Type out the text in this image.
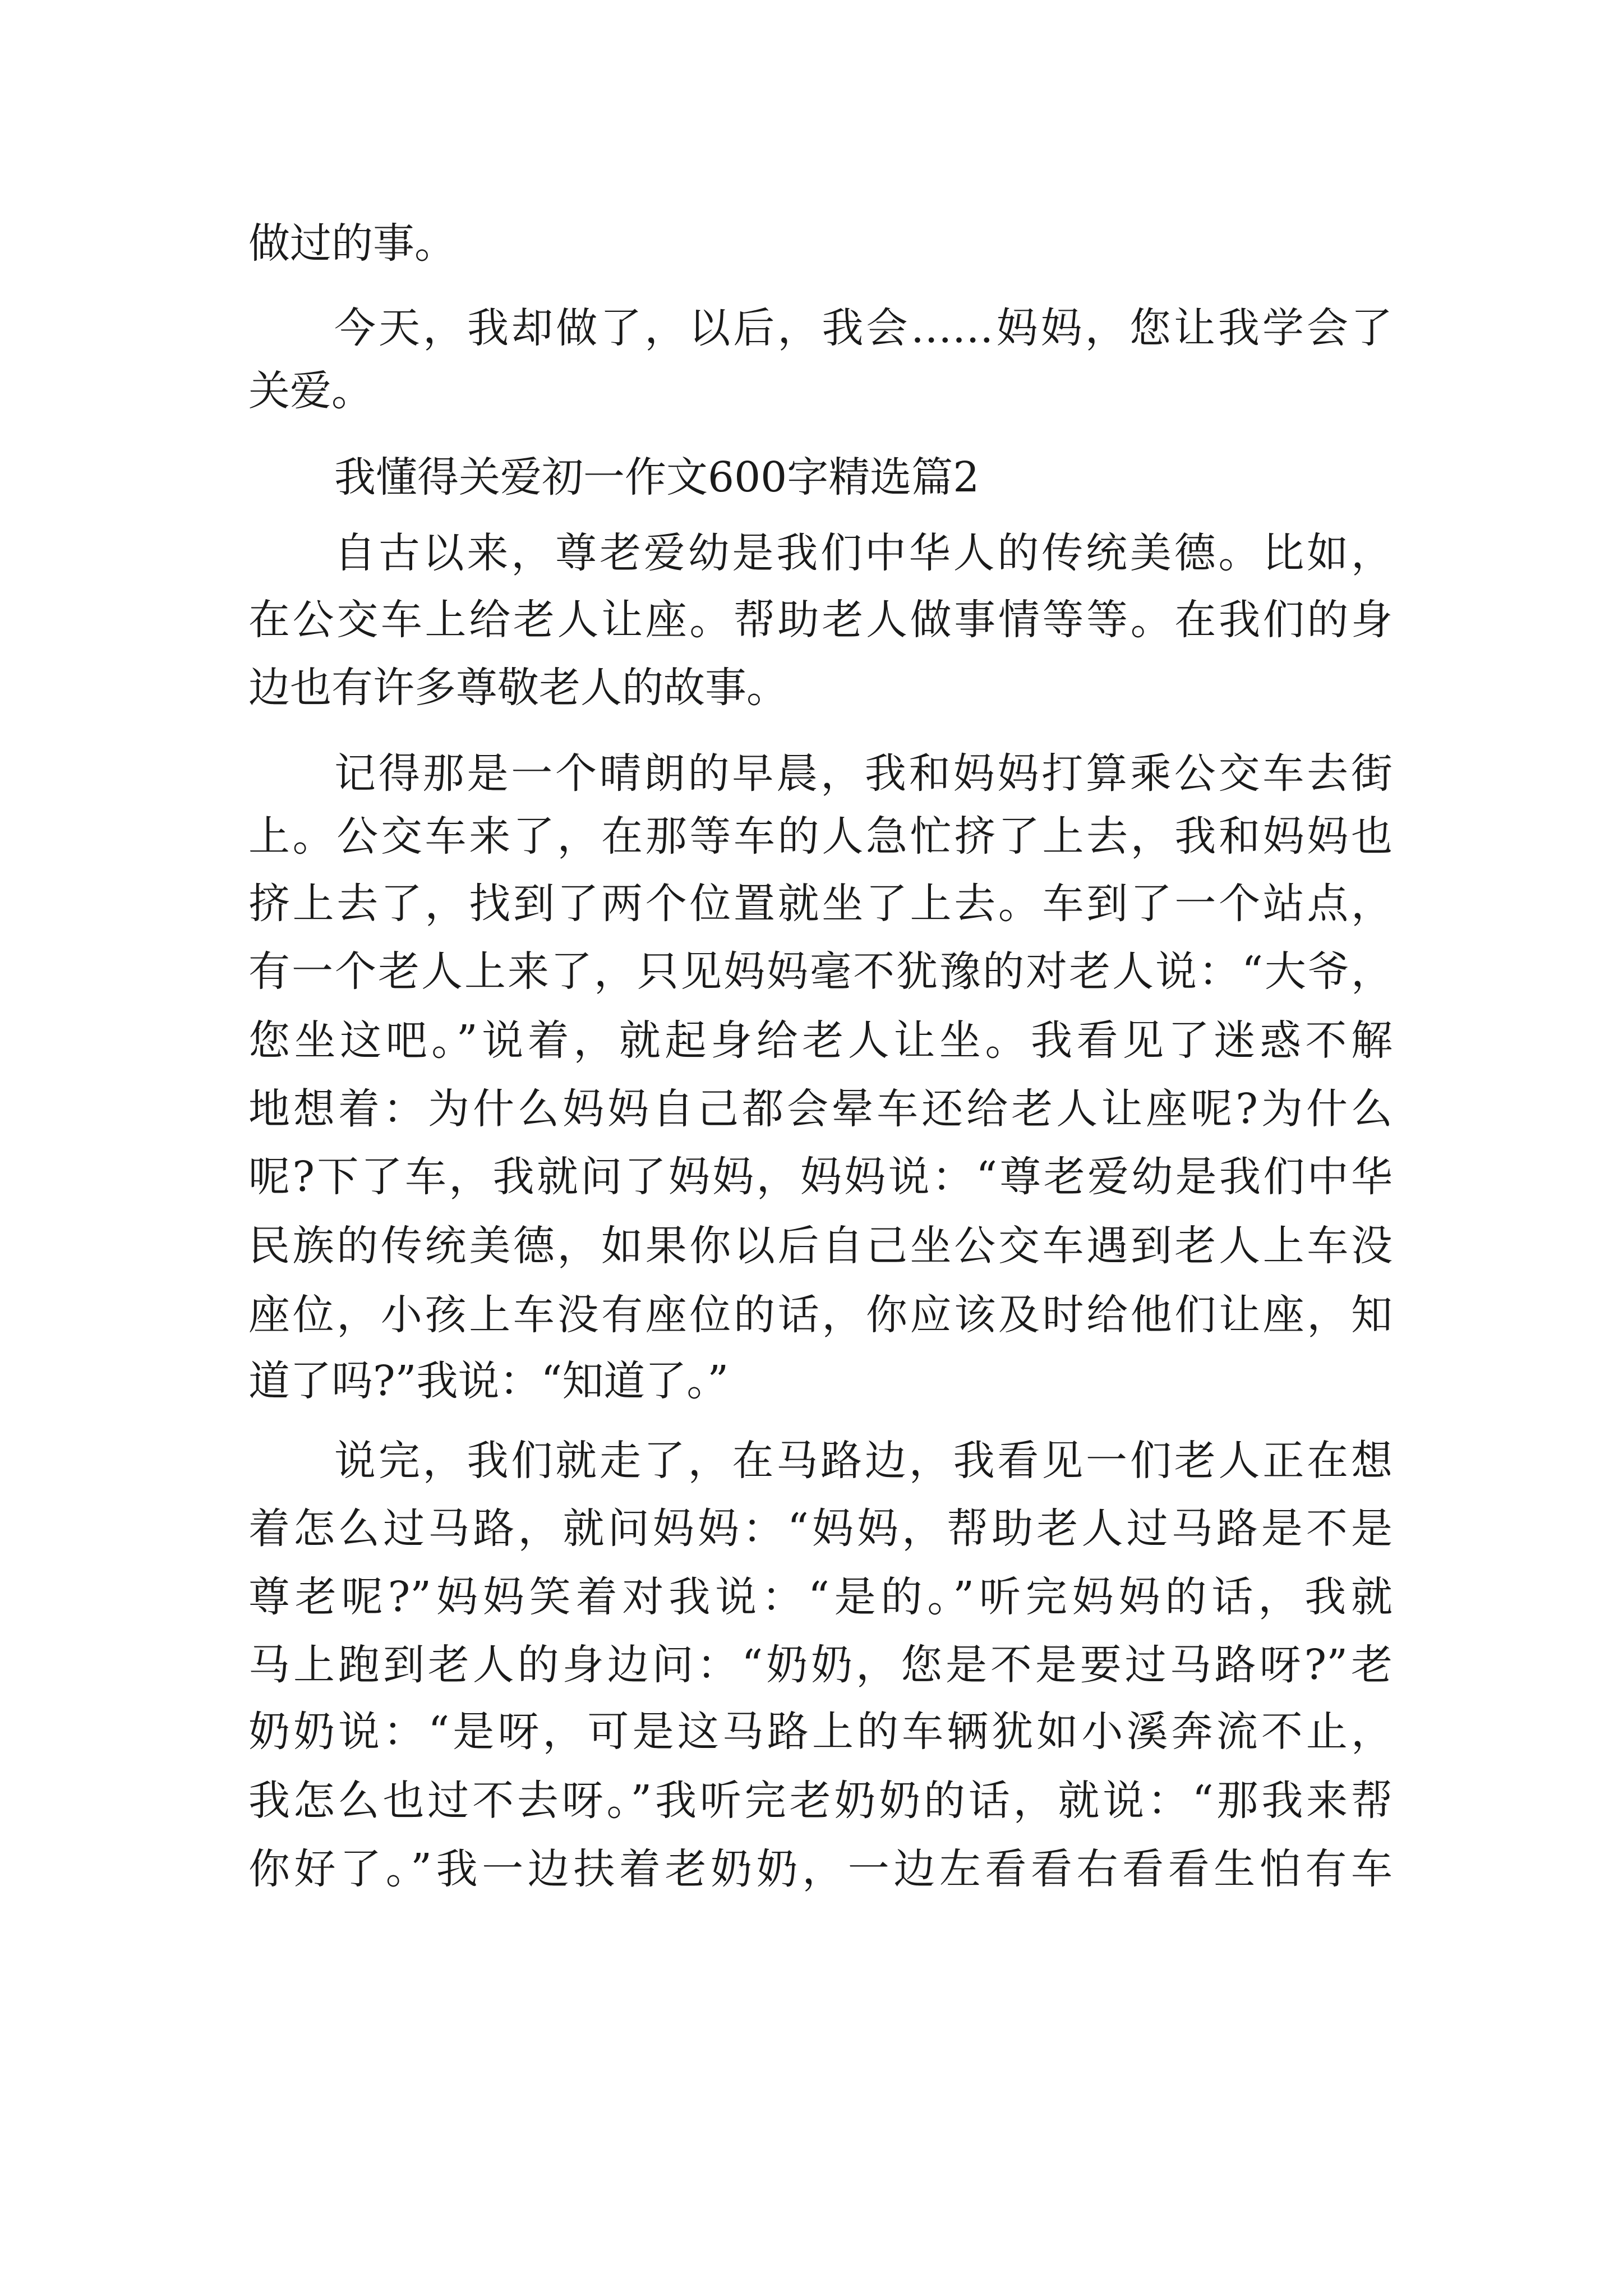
做过的事。
今天，我却做了，以后，我会……妈妈，您让我学会了
关爱。
我懂得关爱初一作文600字精选篇2
自古以来，尊老爱幼是我们中华人的传统美德。比如，
在公交车上给老人让座。帮助老人做事情等等。在我们的身
边也有许多尊敬老人的故事。
记得那是一个晴朗的早晨，我和妈妈打算乘公交车去街
上。公交车来了，在那等车的人急忙挤了上去，我和妈妈也
挤上去了，找到了两个位置就坐了上去。车到了一个站点，
有一个老人上来了，只见妈妈毫不犹豫的对老人说：“大爷，
您坐这吧。”说着，就起身给老人让坐。我看见了迷惑不解
地想着：为什么妈妈自己都会晕车还给老人让座呢?为什么
呢?下了车，我就问了妈妈，妈妈说：“尊老爱幼是我们中华
民族的传统美德，如果你以后自己坐公交车遇到老人上车没
座位，小孩上车没有座位的话，你应该及时给他们让座，知
道了吗?”我说：“知道了。”
说完，我们就走了，在马路边，我看见一们老人正在想
着怎么过马路，就问妈妈：“妈妈，帮助老人过马路是不是
尊老呢?”妈妈笑着对我说：“是的。”听完妈妈的话，我就
马上跑到老人的身边问：“奶奶，您是不是要过马路呀?”老
奶奶说：“是呀，可是这马路上的车辆犹如小溪奔流不止，
我怎么也过不去呀。”我听完老奶奶的话，就说：“那我来帮
你好了。”我一边扶着老奶奶，一边左看看右看看生怕有车
